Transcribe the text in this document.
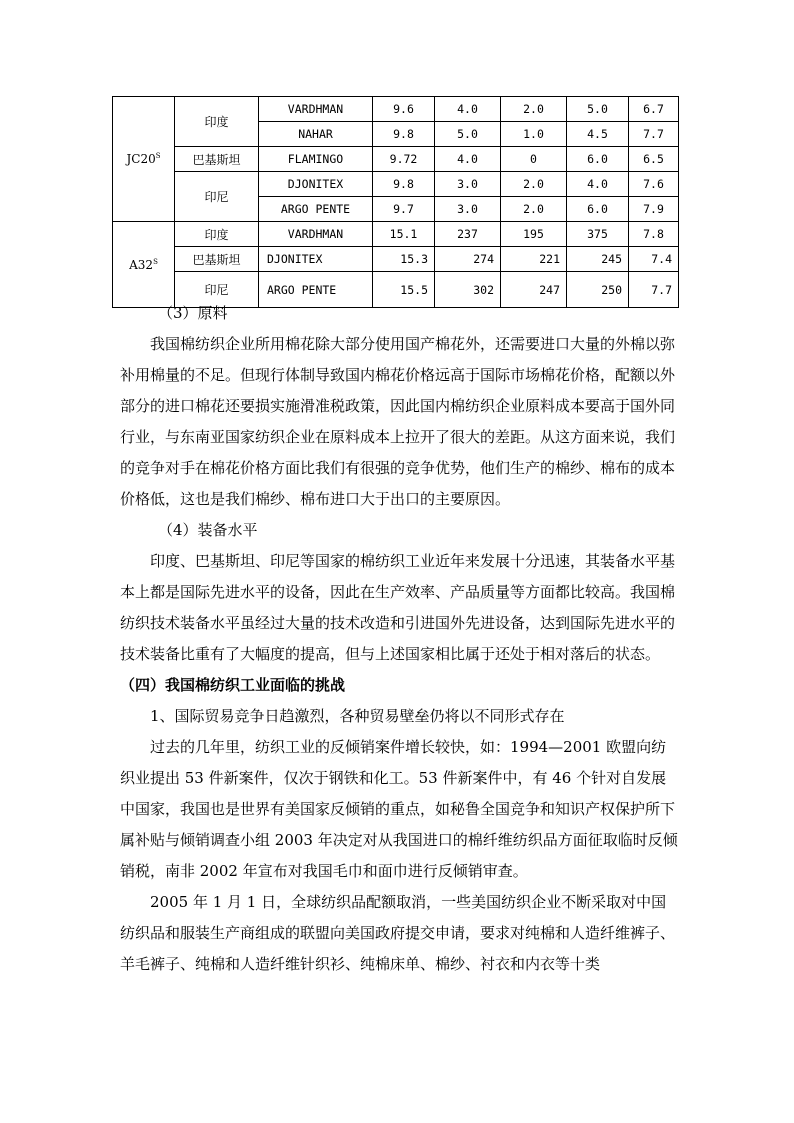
$JC20^S$	印度	VARDHMAN	9.6	4.0	2.0	5.0	6.7
		NAHAR	9.8	5.0	1.0	4.5	7.7
	巴基斯坦	FLAMINGO	9.72	4.0	0	6.0	6.5
	印尼	DJONITEX	9.8	3.0	2.0	4.0	7.6
		ARGO PENTE	9.7	3.0	2.0	6.0	7.9
$A32^S$	印度	VARDHMAN	15.1	237	195	375	7.8
	巴基斯坦	DJONITEX	15.3	274	221	245	7.4
	印尼	ARGO PENTE	15.5	302	247	250	7.7

（3）原料

我国棉纺织企业所用棉花除大部分使用国产棉花外，还需要进口大量的外棉以弥补用棉量的不足。但现行体制导致国内棉花价格远高于国际市场棉花价格，配额以外部分的进口棉花还要损实施滑准税政策，因此国内棉纺织企业原料成本要高于国外同行业，与东南亚国家纺织企业在原料成本上拉开了很大的差距。从这方面来说，我们的竞争对手在棉花价格方面比我们有很强的竞争优势，他们生产的棉纱、棉布的成本价格低，这也是我们棉纱、棉布进口大于出口的主要原因。

（4）装备水平

印度、巴基斯坦、印尼等国家的棉纺织工业近年来发展十分迅速，其装备水平基本上都是国际先进水平的设备，因此在生产效率、产品质量等方面都比较高。我国棉纺织技术装备水平虽经过大量的技术改造和引进国外先进设备，达到国际先进水平的技术装备比重有了大幅度的提高，但与上述国家相比属于还处于相对落后的状态。

（四）我国棉纺织工业面临的挑战

1、国际贸易竞争日趋激烈，各种贸易壁垒仍将以不同形式存在

过去的几年里，纺织工业的反倾销案件增长较快，如：1994—2001 欧盟向纺织业提出 53 件新案件，仅次于钢铁和化工。53 件新案件中，有 46 个针对自发展中国家，我国也是世界有美国家反倾销的重点，如秘鲁全国竞争和知识产权保护所下属补贴与倾销调查小组 2003 年决定对从我国进口的棉纤维纺织品方面征取临时反倾销税，南非 2002 年宣布对我国毛巾和面巾进行反倾销审查。

2005 年 1 月 1 日，全球纺织品配额取消，一些美国纺织企业不断采取对中国纺织品和服装生产商组成的联盟向美国政府提交申请，要求对纯棉和人造纤维裤子、羊毛裤子、纯棉和人造纤维针织衫、纯棉床单、棉纱、衬衣和内衣等十类
